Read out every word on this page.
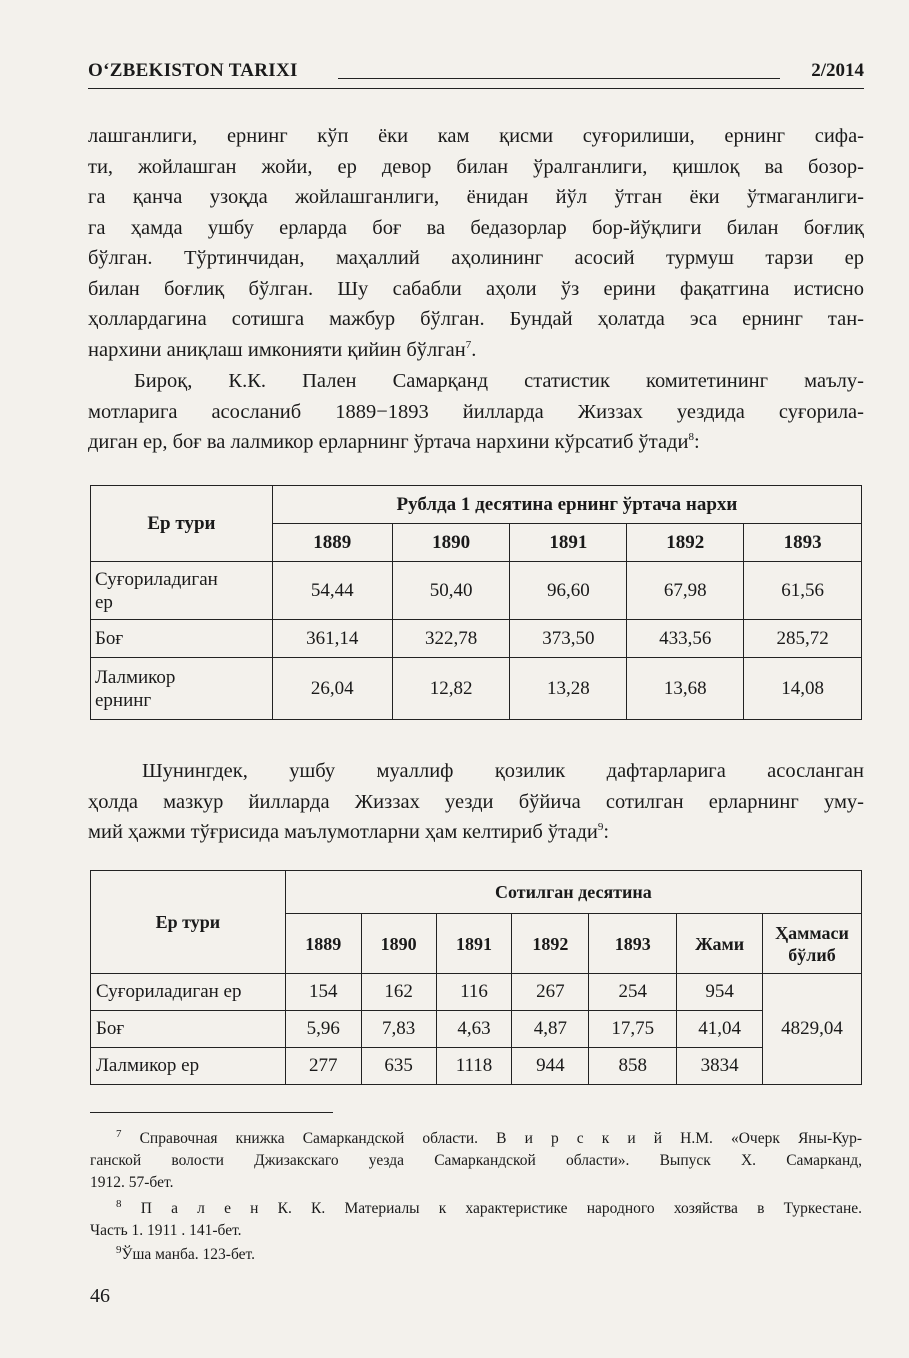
O‘ZBEKISTON TARIXI	2/2014
лашганлиги, ернинг кўп ёки кам қисми суғорилиши, ернинг сифа-
ти, жойлашган жойи, ер девор билан ўралганлиги, қишлоқ ва бозор-
га қанча узоқда жойлашганлиги, ёнидан йўл ўтган ёки ўтмаганлиги-
га ҳамда ушбу ерларда боғ ва бедазорлар бор-йўқлиги билан боғлиқ
бўлган. Тўртинчидан, маҳаллий аҳолининг асосий турмуш тарзи ер
билан боғлиқ бўлган. Шу сабабли аҳоли ўз ерини фақатгина истисно
ҳоллардагина сотишга мажбур бўлган. Бундай ҳолатда эса ернинг тан-
нархини аниқлаш имконияти қийин бўлган$^7$.
Бироқ, К.К. Пален Самарқанд статистик комитетининг маълу-
мотларига асосланиб 1889−1893 йилларда Жиззах уездида суғорила-
диган ер, боғ ва лалмикор ерларнинг ўртача нархини кўрсатиб ўтади$^8$:
Ер тури	Рублда 1 десятина ернинг ўртача нархи				
	1889	1890	1891	1892	1893
Суғориладиган
ер	54,44	50,40	96,60	67,98	61,56
Боғ	361,14	322,78	373,50	433,56	285,72
Лалмикор
ернинг	26,04	12,82	13,28	13,68	14,08
Шунингдек, ушбу муаллиф қозилик дафтарларига асосланган
ҳолда мазкур йилларда Жиззах уезди бўйича сотилган ерларнинг уму-
мий ҳажми тўғрисида маълумотларни ҳам келтириб ўтади$^9$:
Ер тури	Сотилган десятина						
	1889	1890	1891	1892	1893	Жами	Ҳаммаси
бўлиб
Суғориладиган ер	154	162	116	267	254	954	4829,04
Боғ	5,96	7,83	4,63	4,87	17,75	41,04	
Лалмикор ер	277	635	1118	944	858	3834	
$^7$ Справочная книжка Самаркандской области. В и р с к и й Н.М. «Очерк Яны-Кур-
ганской волости Джизакскаго уезда Самаркандской области». Выпуск Х. Самарканд,
1912. 57-бет.
$^8$ П а л е н К. К. Материалы к характеристике народного хозяйства в Туркестане.
Часть 1. 1911 . 141-бет.
$^9$Ўша манба. 123-бет.
46
